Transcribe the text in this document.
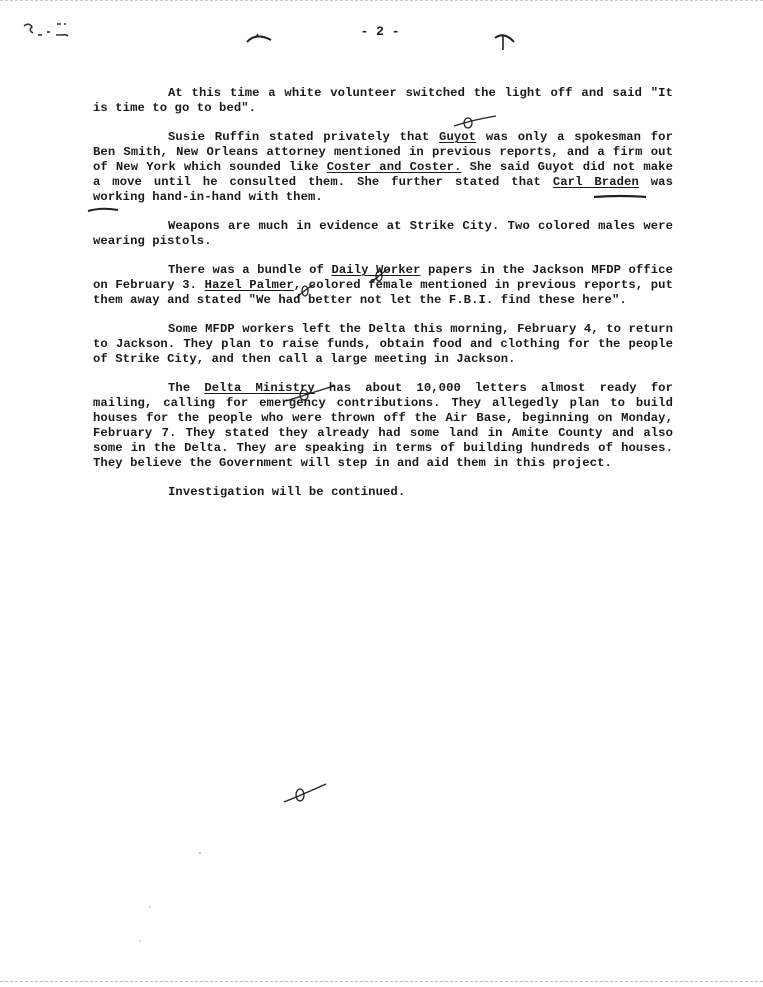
- 2 -

At this time a white volunteer switched the light off and said "It is time to go to bed".

Susie Ruffin stated privately that Guyot was only a spokesman for Ben Smith, New Orleans attorney mentioned in previous reports, and a firm out of New York which sounded like Coster and Coster. She said Guyot did not make a move until he consulted them. She further stated that Carl Braden was working hand-in-hand with them.

Weapons are much in evidence at Strike City. Two colored males were wearing pistols.

There was a bundle of Daily Worker papers in the Jackson MFDP office on February 3. Hazel Palmer, colored female mentioned in previous reports, put them away and stated "We had better not let the F.B.I. find these here".

Some MFDP workers left the Delta this morning, February 4, to return to Jackson. They plan to raise funds, obtain food and clothing for the people of Strike City, and then call a large meeting in Jackson.

The Delta Ministry has about 10,000 letters almost ready for mailing, calling for emergency contributions. They allegedly plan to build houses for the people who were thrown off the Air Base, beginning on Monday, February 7. They stated they already had some land in Amite County and also some in the Delta. They are speaking in terms of building hundreds of houses. They believe the Government will step in and aid them in this project.

Investigation will be continued.
